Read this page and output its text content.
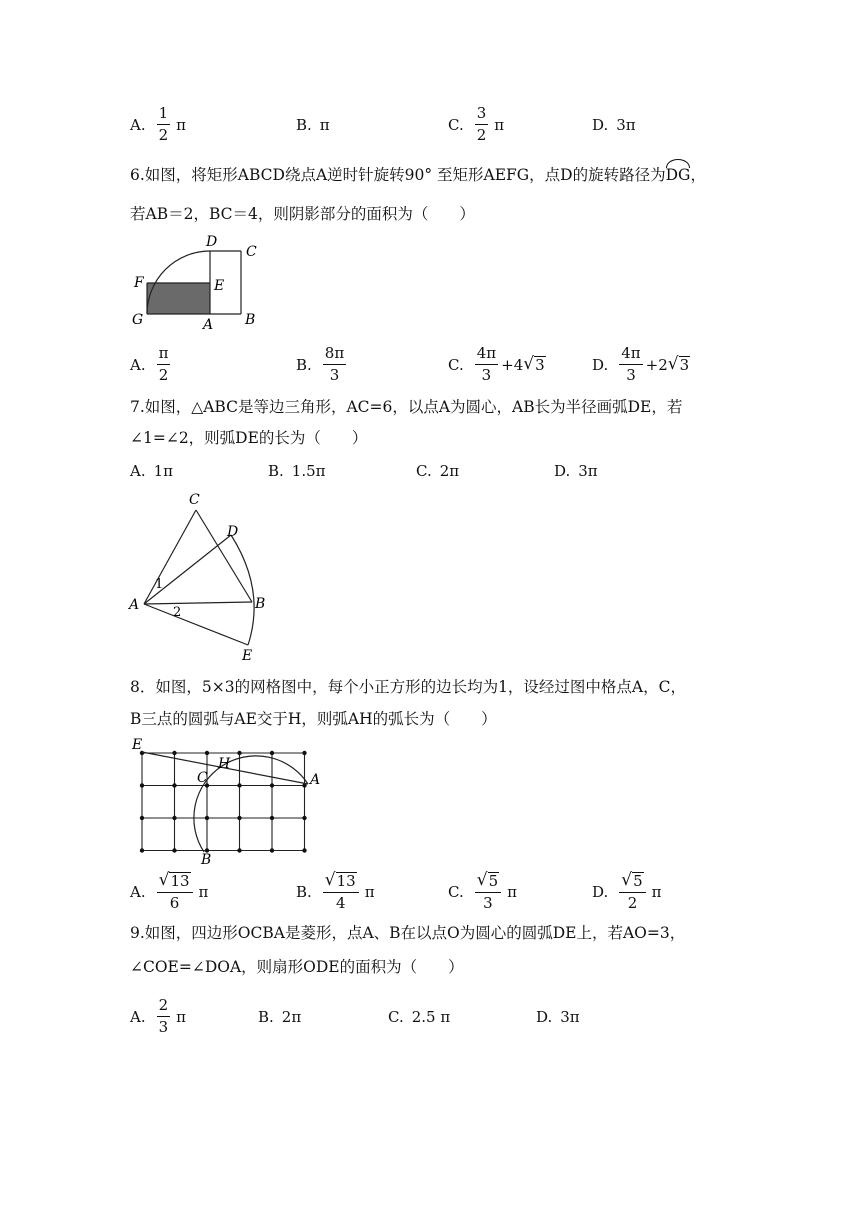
A. $\frac{1}{2}$ π	B. π	C. $\frac{3}{2}$ π	D. 3π
6.如图，将矩形ABCD绕点A逆时针旋转90° 至矩形AEFG，点D的旋转路径为DG，
若AB＝2，BC＝4，则阴影部分的面积为（　　）
D
C
F	E
G	A B
A. $\frac{\pi}{2}$	B. $\frac{8\pi}{3}$	C. $\frac{4\pi}{3} +4$ √ 3	D. $\frac{4\pi}{3} +2$ √ 3
7.如图，△ABC是等边三角形，AC=6，以点A为圆心，AB长为半径画弧DE，若
∠1=∠2，则弧DE的长为（　　）
A. 1π	B. 1.5π	C. 2π	D. 3π
C
D
1
A	2
B
E
8．如图，5×3的网格图中，每个小正方形的边长均为1，设经过图中格点A，C，
B三点的圆弧与AE交于H，则弧AH的弧长为（　　）
E
H
C	A
B
A. $\frac{√ 13}{6}$ π	B. $\frac{√ 13}{4}$ π	C. $\frac{√ 5}{3}$ π	D. $\frac{√ 5}{2}$ π
9.如图，四边形OCBA是菱形，点A、B在以点O为圆心的圆弧DE上，若AO=3，
∠COE=∠DOA，则扇形ODE的面积为（　　）
A. $\frac{2}{3}$ π	B. 2π	C. 2.5 π	D. 3π
